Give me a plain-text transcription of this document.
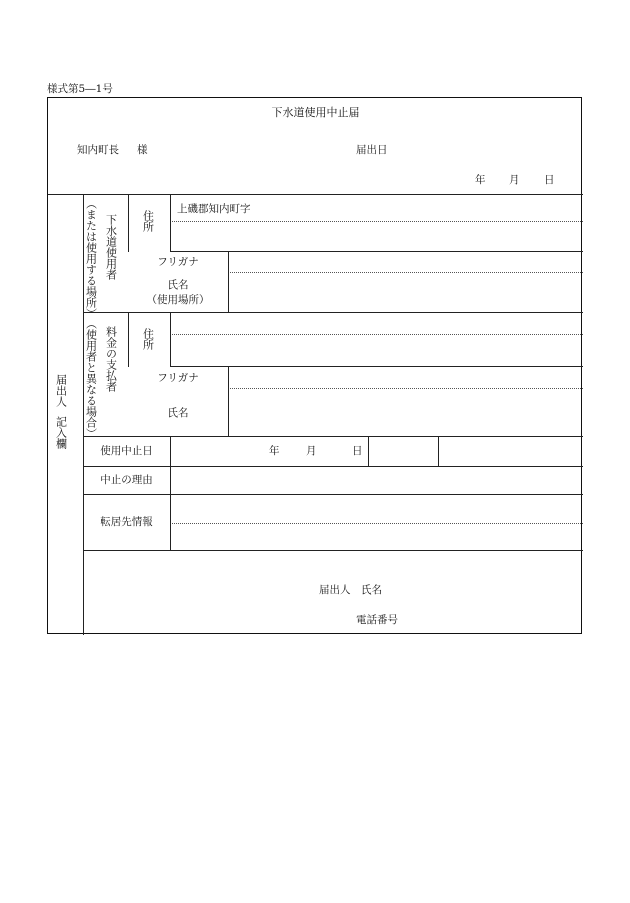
様式第5―1号
下水道使用中止届
知内町長 様	届出日
年 月 日
届出人
記入欄
（または使用する場所） 下水道使用者 住所
上磯郡知内町字
フリガナ
氏名
（使用場所）
（使用者と異なる場合） 料金の支払者 住所
フリガナ
氏名
使用中止日	年	月	日
中止の理由
転居先情報
届出人　氏名
電話番号
